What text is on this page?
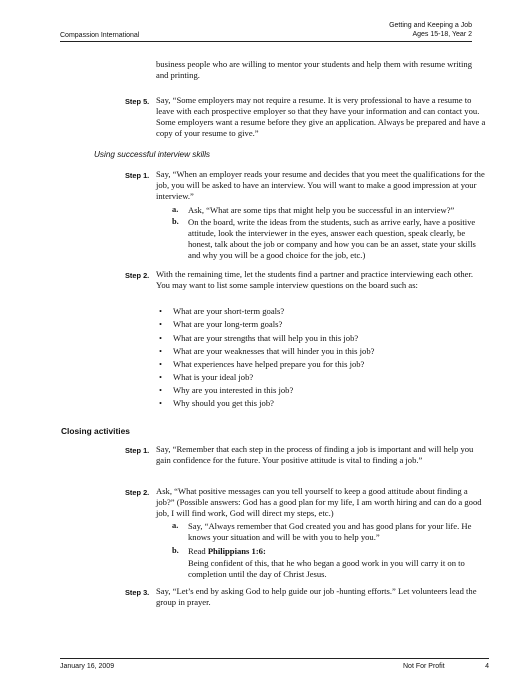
Compassion International
Getting and Keeping a Job
Ages 15-18, Year 2
business people who are willing to mentor your students and help them with resume writing and printing.
Step 5. Say, “Some employers may not require a resume. It is very professional to have a resume to leave with each prospective employer so that they have your information and can contact you. Some employers want a resume before they give an application. Always be prepared and have a copy of your resume to give.”
Using successful interview skills
Step 1. Say, “When an employer reads your resume and decides that you meet the qualifications for the job, you will be asked to have an interview. You will want to make a good impression at your interview.”
a. Ask, “What are some tips that might help you be successful in an interview?”
b. On the board, write the ideas from the students, such as arrive early, have a positive attitude, look the interviewer in the eyes, answer each question, speak clearly, be honest, talk about the job or company and how you can be an asset, state your skills and why you will be a good choice for the job, etc.)
Step 2. With the remaining time, let the students find a partner and practice interviewing each other. You may want to list some sample interview questions on the board such as:
• What are your short-term goals?
• What are your long-term goals?
• What are your strengths that will help you in this job?
• What are your weaknesses that will hinder you in this job?
• What experiences have helped prepare you for this job?
• What is your ideal job?
• Why are you interested in this job?
• Why should you get this job?
Closing activities
Step 1. Say, “Remember that each step in the process of finding a job is important and will help you gain confidence for the future. Your positive attitude is vital to finding a job.”
Step 2. Ask, “What positive messages can you tell yourself to keep a good attitude about finding a job?” (Possible answers: God has a good plan for my life, I am worth hiring and can do a good job, I will find work, God will direct my steps, etc.)
a. Say, “Always remember that God created you and has good plans for your life. He knows your situation and will be with you to help you.”
b. Read Philippians 1:6:
Being confident of this, that he who began a good work in you will carry it on to completion until the day of Christ Jesus.
Step 3. Say, “Let’s end by asking God to help guide our job -hunting efforts.” Let volunteers lead the group in prayer.
January 16, 2009	Not For Profit	4
